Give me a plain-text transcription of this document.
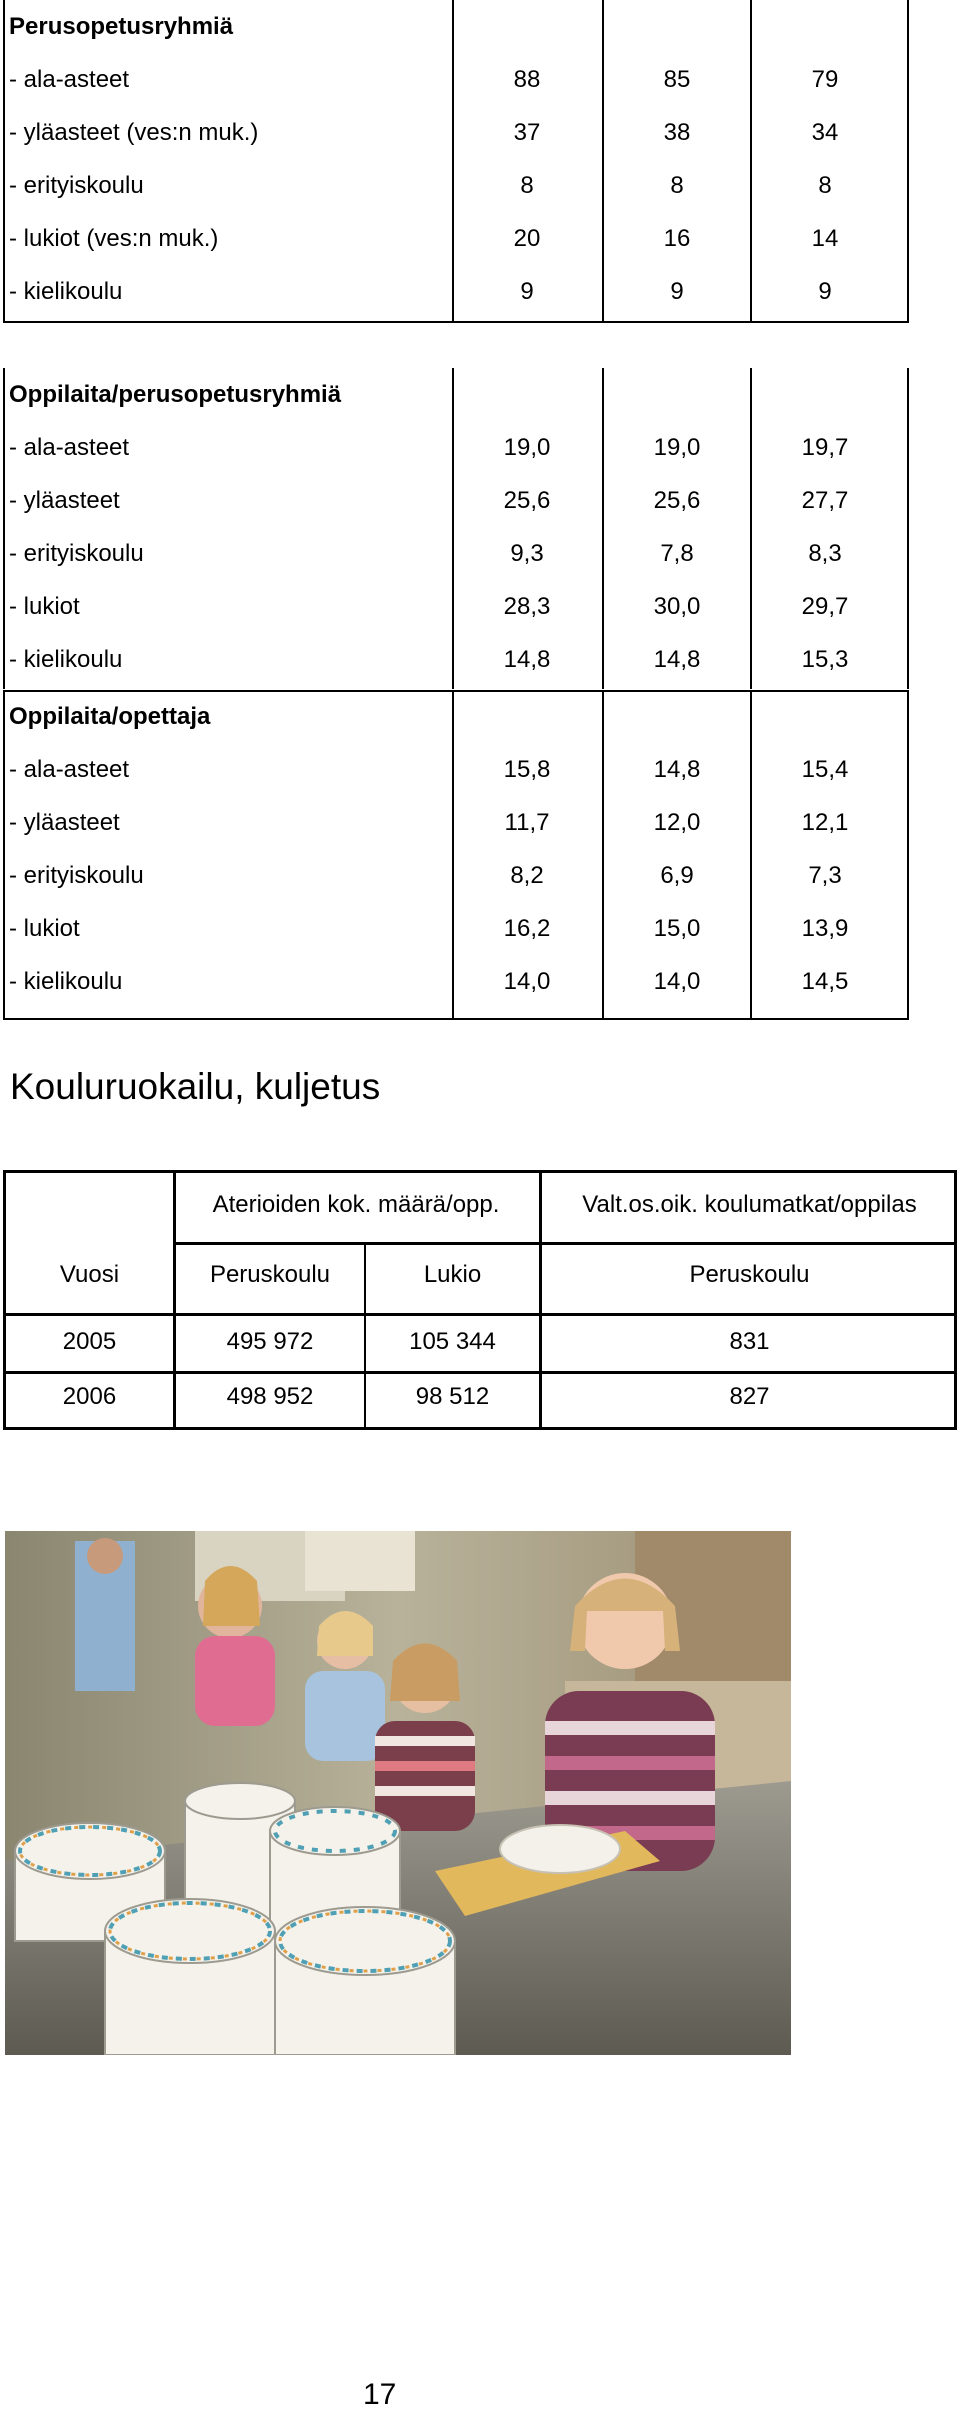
Perusopetusryhmiä
- ala-asteet	88	85	79
- yläasteet (ves:n muk.)	37	38	34
- erityiskoulu	8	8	8
- lukiot (ves:n muk.)	20	16	14
- kielikoulu	9	9	9
Oppilaita/perusopetusryhmiä
- ala-asteet	19,0	19,0	19,7
- yläasteet	25,6	25,6	27,7
- erityiskoulu	9,3	7,8	8,3
- lukiot	28,3	30,0	29,7
- kielikoulu	14,8	14,8	15,3
Oppilaita/opettaja
- ala-asteet	15,8	14,8	15,4
- yläasteet	11,7	12,0	12,1
- erityiskoulu	8,2	6,9	7,3
- lukiot	16,2	15,0	13,9
- kielikoulu	14,0	14,0	14,5
Kouluruokailu, kuljetus
Aterioiden kok. määrä/opp.	Valt.os.oik. koulumatkat/oppilas
Vuosi	Peruskoulu	Lukio	Peruskoulu
2005	495 972	105 344	831
2006	498 952	98 512	827
17
